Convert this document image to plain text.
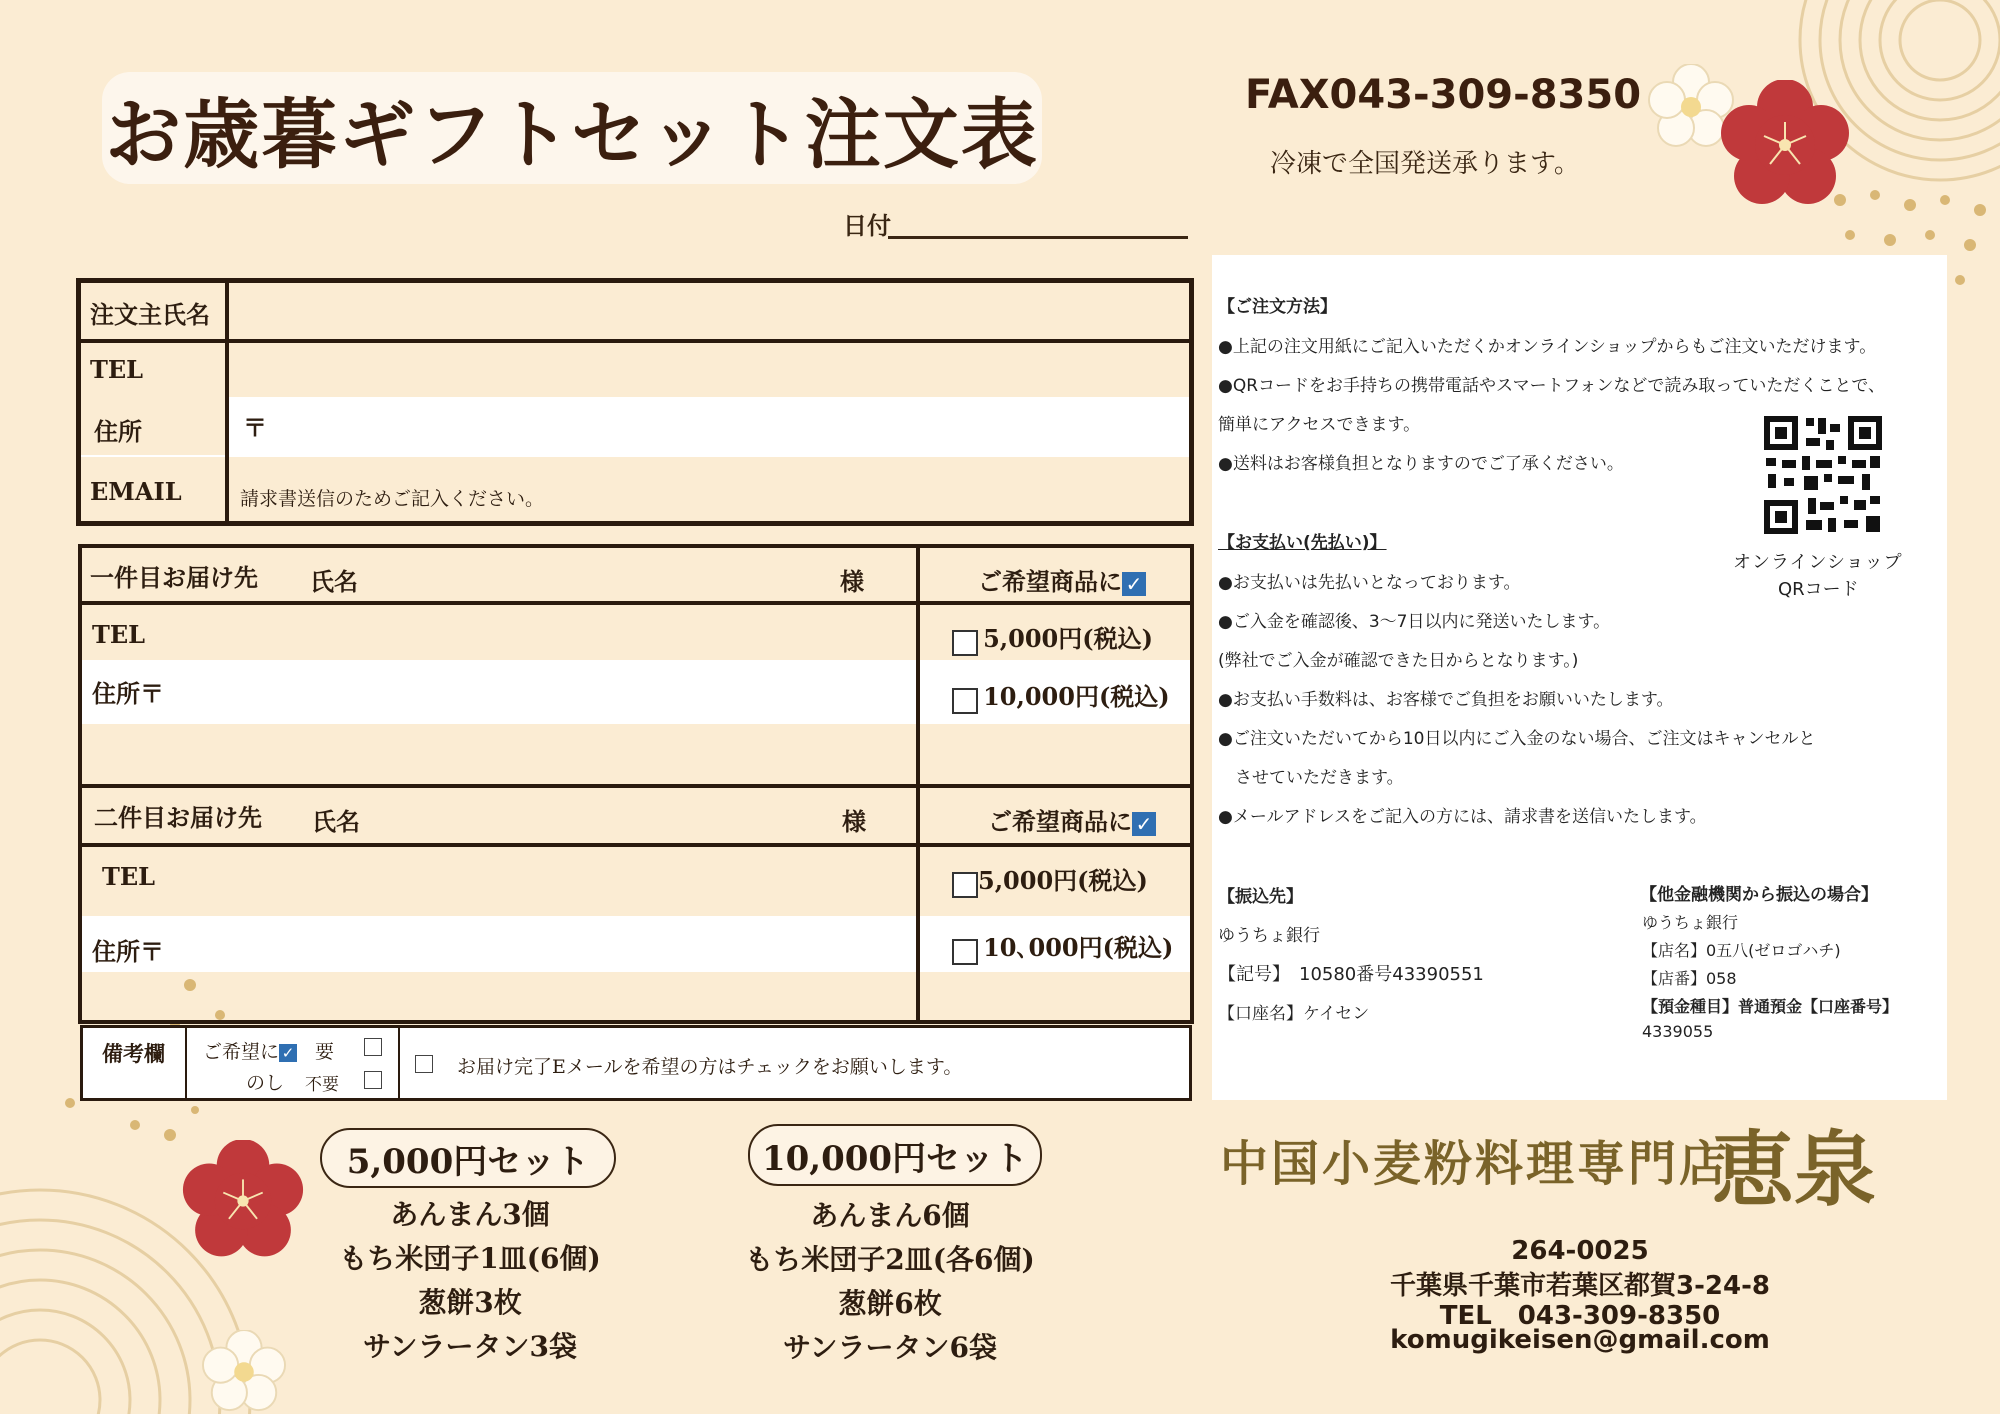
お歳暮ギフトセット注文表	FAX043-309-8350
冷凍で全国発送承ります。
日付
注文主氏名
TEL
住所	〒
EMAIL	請求書送信のためご記入ください。
一件目お届け先 氏名	様	ご希望商品に ✓
TEL
住所〒
5,000円(税込)
10,000円(税込)
二件目お届け先 氏名	様	ご希望商品に ✓
TEL
住所〒
5,000円(税込)
10､000円(税込)
備考欄 ご希望に ✓ 要
のし 不要
お届け完了Eメールを希望の方はチェックをお願いします。
5,000円セット
あんまん3個
もち米団子1皿(6個)
葱餅3枚
サンラータン3袋
10,000円セット
あんまん6個
もち米団子2皿(各6個)
葱餅6枚
サンラータン6袋
【ご注文方法】
●上記の注文用紙にご記入いただくかオンラインショップからもご注文いただけます。
●QRコードをお手持ちの携帯電話やスマートフォンなどで読み取っていただくことで、
簡単にアクセスできます。
●送料はお客様負担となりますのでご了承ください。
オンラインショップ
QRコード
【お支払い(先払い)】
●お支払いは先払いとなっております。
●ご入金を確認後、3〜7日以内に発送いたします。
(弊社でご入金が確認できた日からとなります。)
●お支払い手数料は、お客様でご負担をお願いいたします。
●ご注文いただいてから10日以内にご入金のない場合、ご注文はキャンセルと
　させていただきます。
●メールアドレスをご記入の方には、請求書を送信いたします。
【振込先】
ゆうちょ銀行
【記号】　10580番号43390551
【口座名】ケイセン
【他金融機関から振込の場合】
ゆうちょ銀行
【店名】0五八(ゼロゴハチ)
【店番】058
【預金種目】普通預金【口座番号】
4339055
中国小麦粉料理専門店
恵泉
264-0025
千葉県千葉市若葉区都賀3-24-8
TEL　043-309-8350
komugikeisen@gmail.com
